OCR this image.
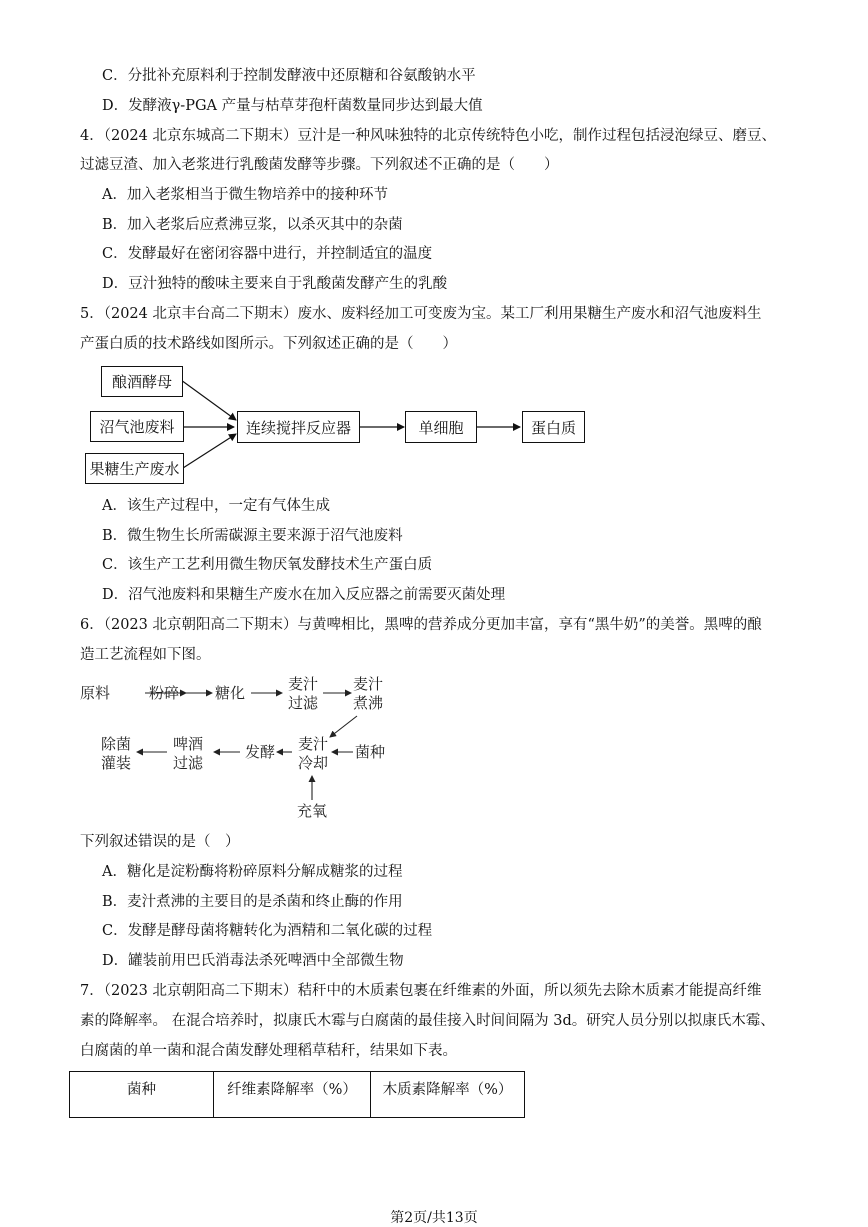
C．分批补充原料利于控制发酵液中还原糖和谷氨酸钠水平
D．发酵液γ-PGA 产量与枯草芽孢杆菌数量同步达到最大值
4．（2024 北京东城高二下期末）豆汁是一种风味独特的北京传统特色小吃，制作过程包括浸泡绿豆、磨豆、
过滤豆渣、加入老浆进行乳酸菌发酵等步骤。下列叙述不正确的是（　　）
A．加入老浆相当于微生物培养中的接种环节
B．加入老浆后应煮沸豆浆，以杀灭其中的杂菌
C．发酵最好在密闭容器中进行，并控制适宜的温度
D．豆汁独特的酸味主要来自于乳酸菌发酵产生的乳酸
5．（2024 北京丰台高二下期末）废水、废料经加工可变废为宝。某工厂利用果糖生产废水和沼气池废料生
产蛋白质的技术路线如图所示。下列叙述正确的是（　　）
酿酒酵母
沼气池废料
果糖生产废水
连续搅拌反应器	单细胞	蛋白质
A．该生产过程中，一定有气体生成
B．微生物生长所需碳源主要来源于沼气池废料
C．该生产工艺利用微生物厌氧发酵技术生产蛋白质
D．沼气池废料和果糖生产废水在加入反应器之前需要灭菌处理
6．（2023 北京朝阳高二下期末）与黄啤相比，黑啤的营养成分更加丰富，享有“黑牛奶”的美誉。黑啤的酿
造工艺流程如下图。
原料	粉碎 糖化	麦汁
过滤
麦汁
煮沸
麦汁
冷却
菌种
发酵
啤酒
过滤
除菌
灌装
充氧
下列叙述错误的是（　）
A．糖化是淀粉酶将粉碎原料分解成糖浆的过程
B．麦汁煮沸的主要目的是杀菌和终止酶的作用
C．发酵是酵母菌将糖转化为酒精和二氧化碳的过程
D．罐装前用巴氏消毒法杀死啤酒中全部微生物
7．（2023 北京朝阳高二下期末）秸秆中的木质素包裹在纤维素的外面，所以须先去除木质素才能提高纤维
素的降解率。 在混合培养时，拟康氏木霉与白腐菌的最佳接入时间间隔为 3d。研究人员分别以拟康氏木霉、
白腐菌的单一菌和混合菌发酵处理稻草秸秆，结果如下表。
菌种	纤维素降解率（%）	木质素降解率（%）
第2页/共13页
